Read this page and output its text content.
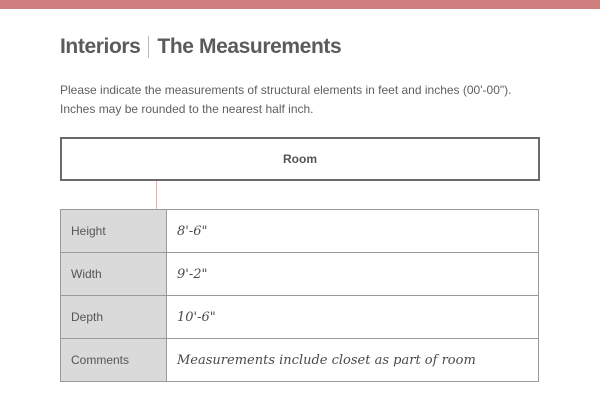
Interiors The Measurements
Please indicate the measurements of structural elements in feet and inches (00'-00"). Inches may be rounded to the nearest half inch.
Room
Height	8'-6"
Width	9'-2"
Depth	10'-6"
Comments	Measurements include closet as part of room
